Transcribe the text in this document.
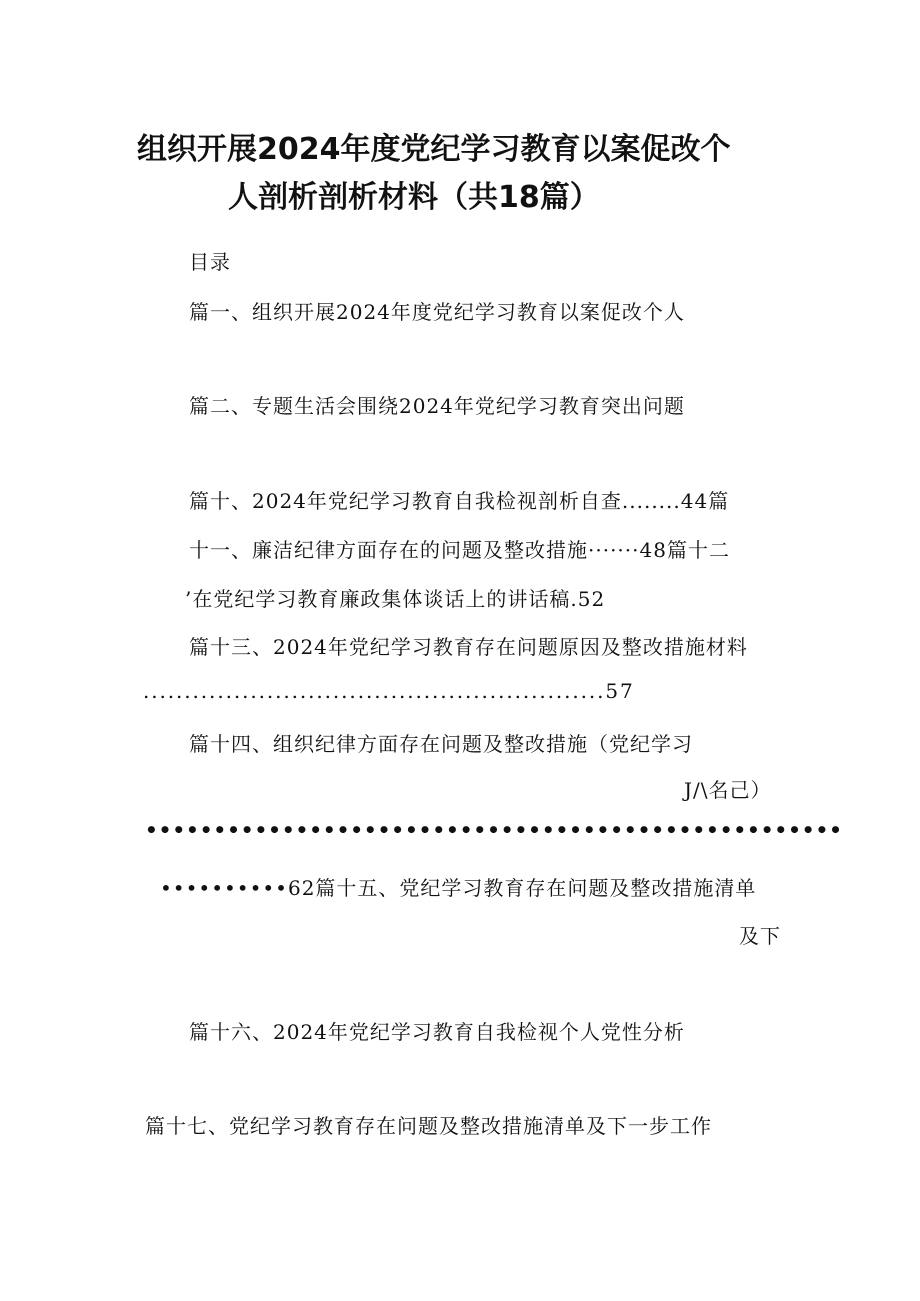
组织开展2024年度党纪学习教育以案促改个
人剖析剖析材料（共18篇）
目录
篇一、组织开展2024年度党纪学习教育以案促改个人
篇二、专题生活会围绕2024年党纪学习教育突出问题
篇十、2024年党纪学习教育自我检视剖析自查........44篇
十一、廉洁纪律方面存在的问题及整改措施·······48篇十二
’在党纪学习教育廉政集体谈话上的讲话稿.52
篇十三、2024年党纪学习教育存在问题原因及整改措施材料
........................................................57
篇十四、组织纪律方面存在问题及整改措施（党纪学习
J/\名己）
•••••••••••••••••••••••••••••••••••••••••••••••••••
••••••••••62篇十五、党纪学习教育存在问题及整改措施清单
及下
篇十六、2024年党纪学习教育自我检视个人党性分析
篇十七、党纪学习教育存在问题及整改措施清单及下一步工作
